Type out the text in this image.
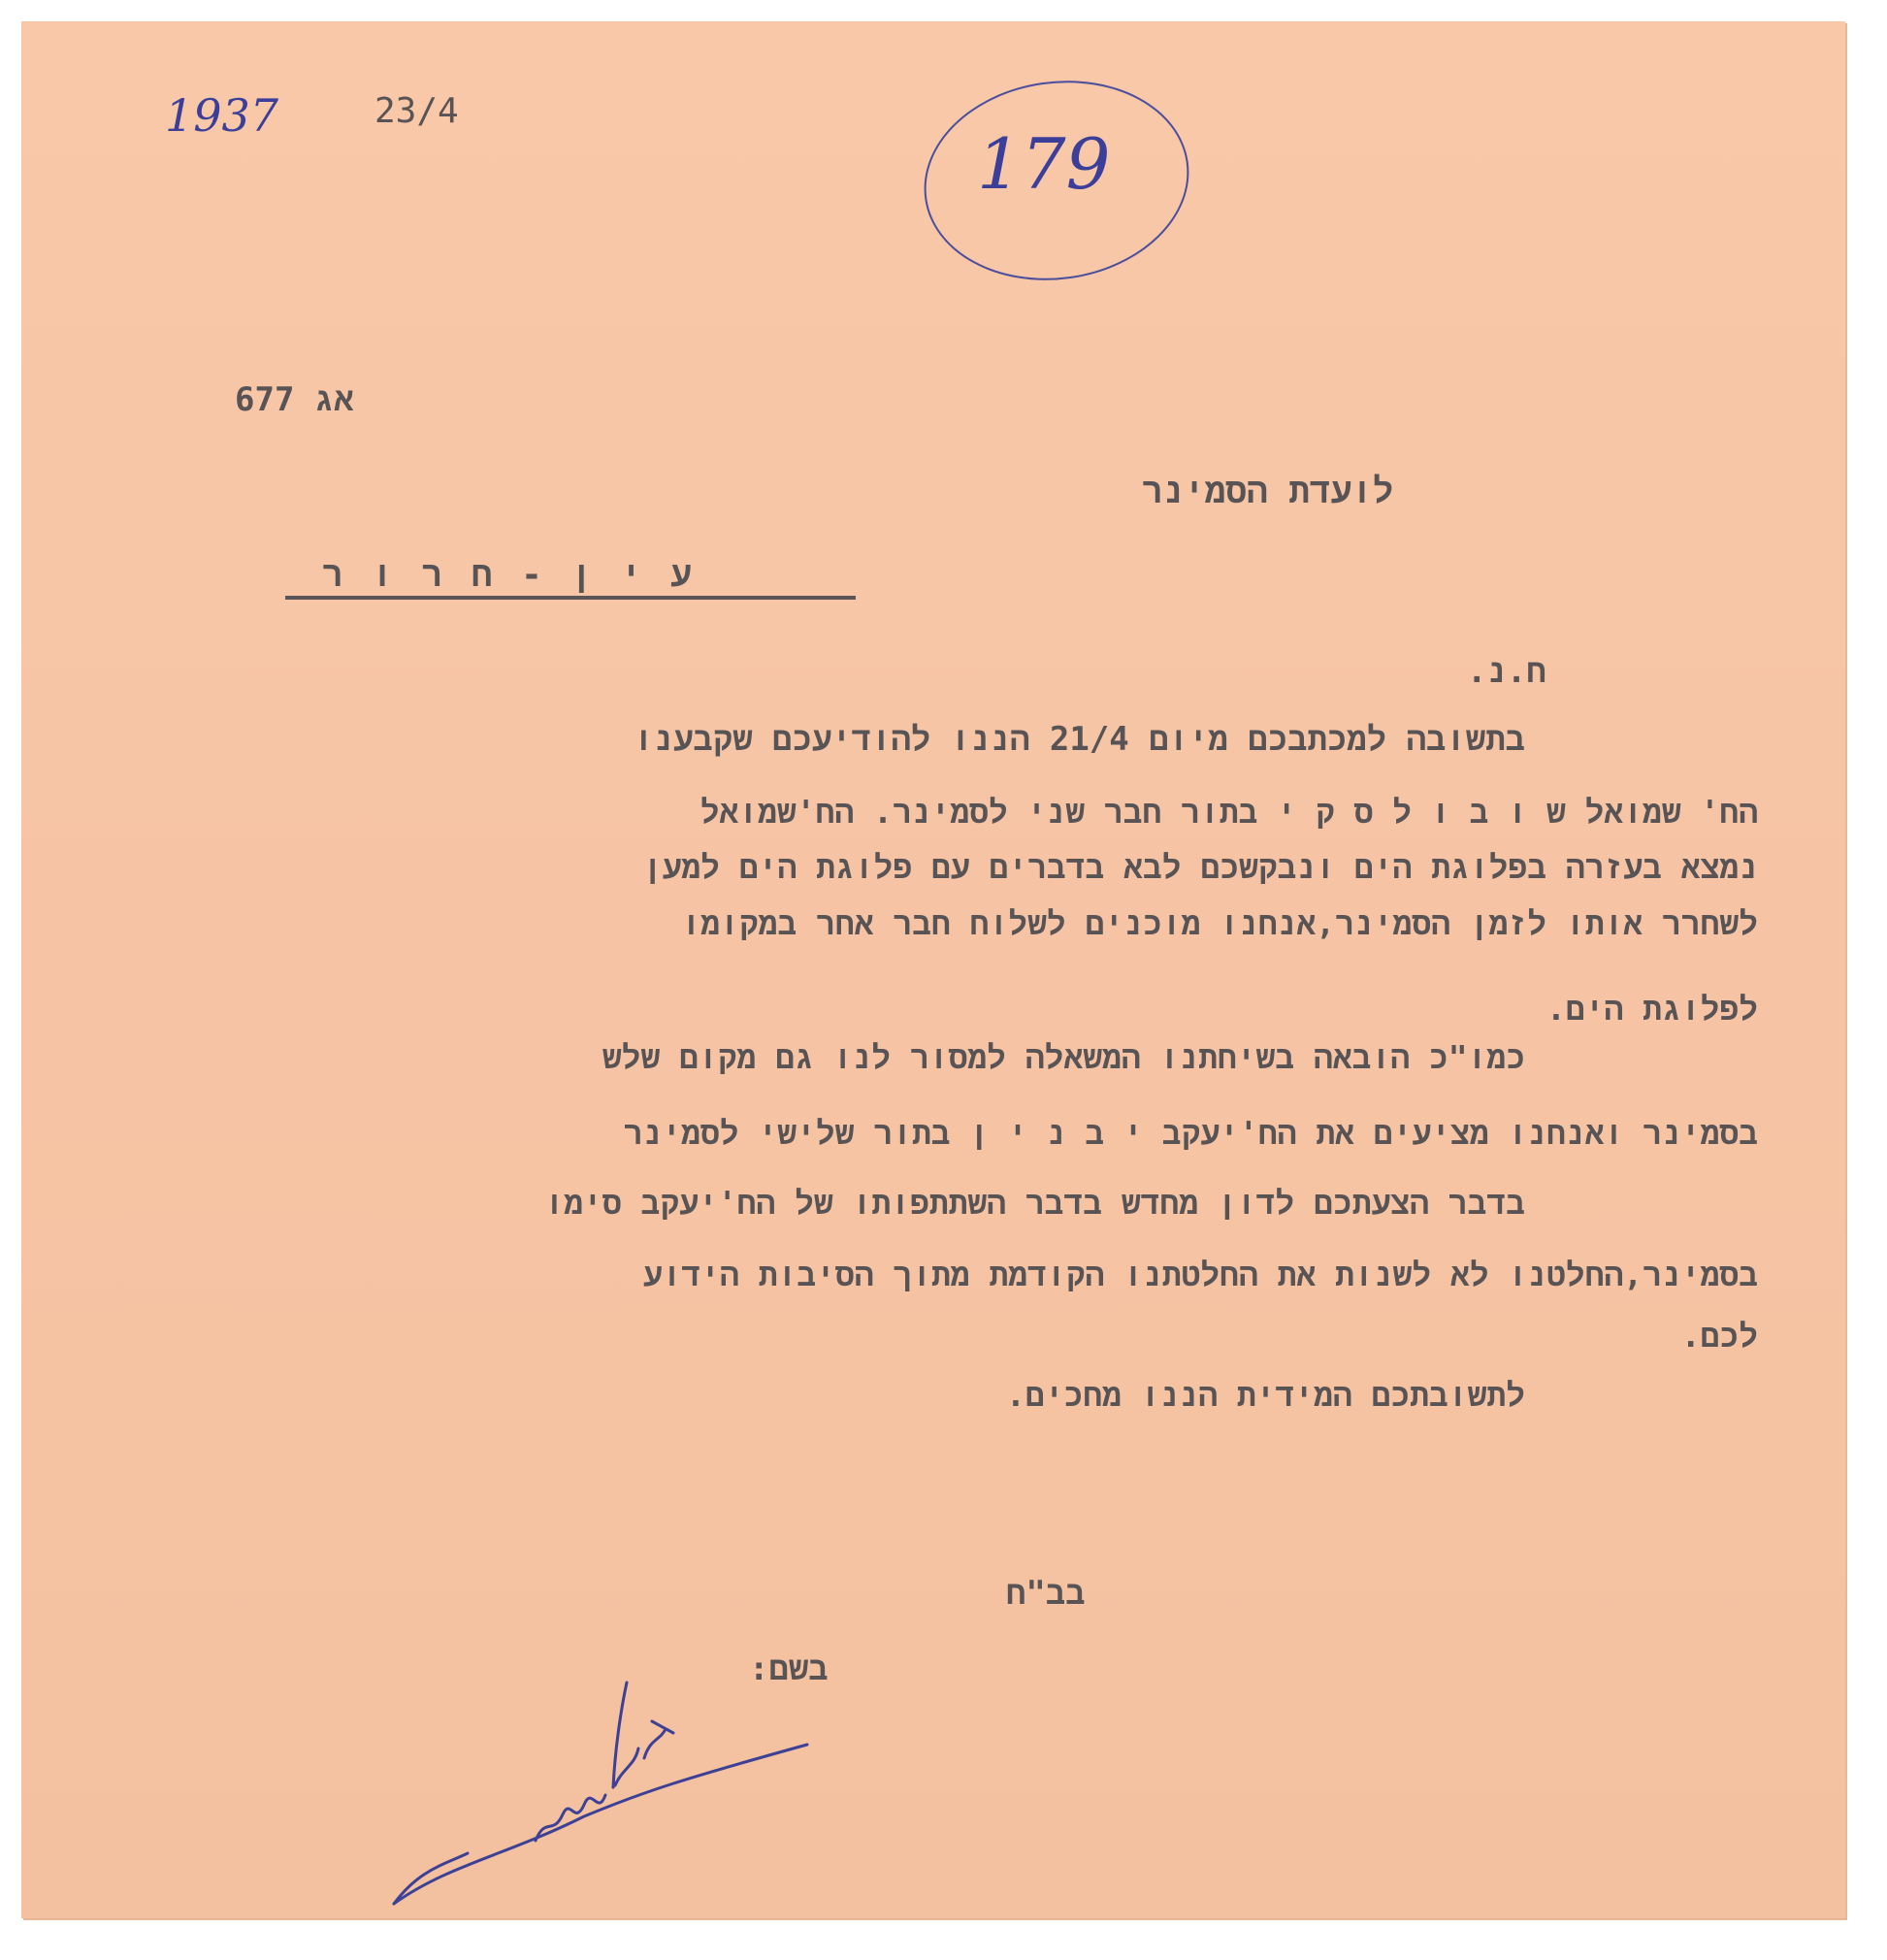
1937	23/4
179
אג 677
לועדת הסמינר
ע י ן - ח ר ו ר
ח.נ.
בתשובה למכתבכם מיום 21/4 הננו להודיעכם שקבענו
הח' שמואל ש ו ב ו ל ס ק י בתור חבר שני לסמינר. הח'שמואל
נמצא בעזרה בפלוגת הים ונבקשכם לבא בדברים עם פלוגת הים למען
לשחרר אותו לזמן הסמינר,אנחנו מוכנים לשלוח חבר אחר במקומו
לפלוגת הים.
כמו"כ הובאה בשיחתנו המשאלה למסור לנו גם מקום שלש
בסמינר ואנחנו מציעים את הח'יעקב י ב נ י ן בתור שלישי לסמינר
בדבר הצעתכם לדון מחדש בדבר השתתפותו של הח'יעקב סימו
בסמינר,החלטנו לא לשנות את החלטתנו הקודמת מתוך הסיבות הידוע
לכם.
לתשובתכם המידית הננו מחכים.
בב"ח
בשם:
